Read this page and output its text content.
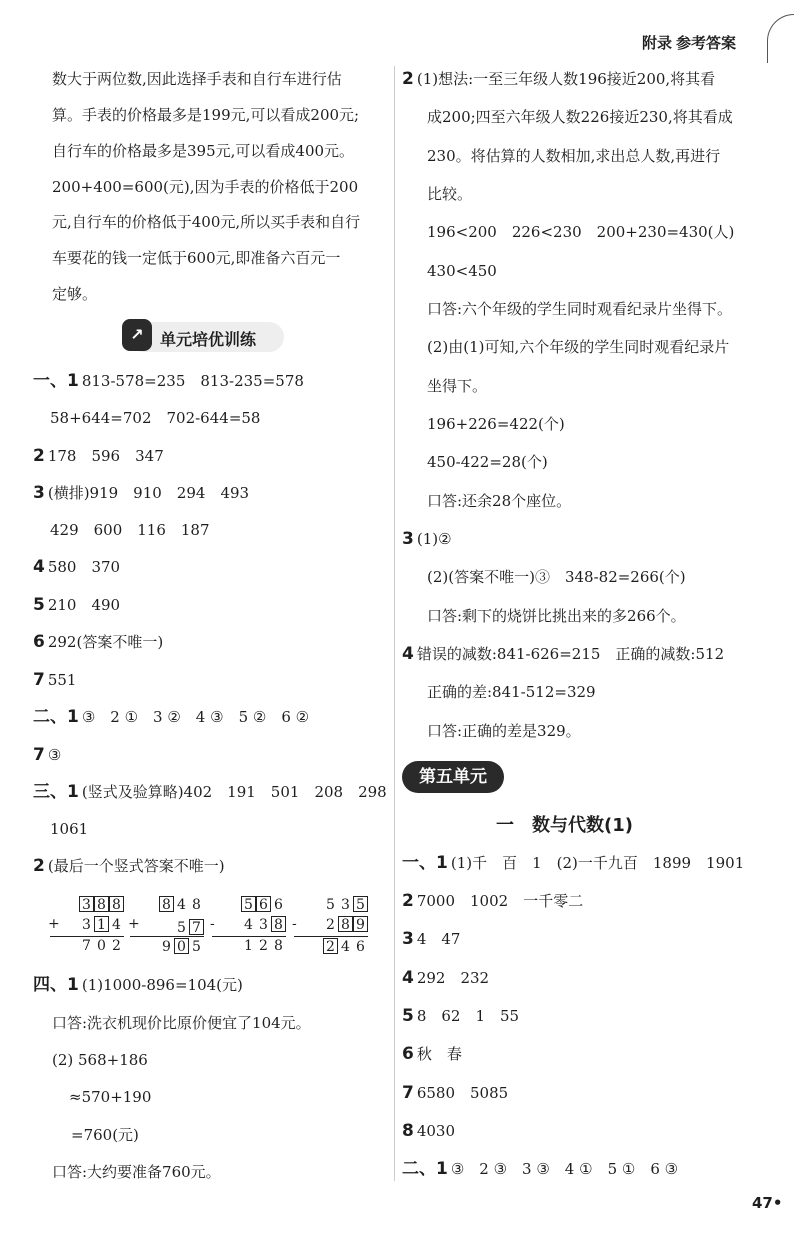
附录 参考答案
数大于两位数,因此选择手表和自行车进行估
算。手表的价格最多是199元,可以看成200元;
自行车的价格最多是395元,可以看成400元。
200+400=600(元),因为手表的价格低于200
元,自行车的价格低于400元,所以买手表和自行
车要花的钱一定低于600元,即准备六百元一
定够。
↗	单元培优训练
一、1 813-578=235　813-235=578
58+644=702　702-644=58
2 178　596　347
3 (横排)919　910　294　493
429　600　116　187
4 580　370
5 210　490
6 292(答案不唯一)
7 551
二、1 ③　2 ①　3 ②　4 ③　5 ②　6 ②
7 ③
三、1 (竖式及验算略)402　191　501　208　298
1061
2 (最后一个竖式答案不唯一)
3 8 8
+ 3 1 4
7 0 2
8 4 8
+	5 7
9 0 5
5 6 6
- 4 3 8
1 2 8
5 3 5
- 2 8 9
2 4 6
四、1 (1)1000-896=104(元)
口答:洗衣机现价比原价便宜了104元。
(2) 568+186
≈570+190
=760(元)
口答:大约要准备760元。
2 (1)想法:一至三年级人数196接近200,将其看
成200;四至六年级人数226接近230,将其看成
230。将估算的人数相加,求出总人数,再进行
比较。
196<200　226<230　200+230=430(人)
430<450
口答:六个年级的学生同时观看纪录片坐得下。
(2)由(1)可知,六个年级的学生同时观看纪录片
坐得下。
196+226=422(个)
450-422=28(个)
口答:还余28个座位。
3 (1)②
(2)(答案不唯一)③　348-82=266(个)
口答:剩下的烧饼比挑出来的多266个。
4 错误的减数:841-626=215　正确的减数:512
正确的差:841-512=329
口答:正确的差是329。
第五单元
一　数与代数(1)
一、1 (1)千　百　1　(2)一千九百　1899　1901
2 7000　1002　一千零二
3 4　47
4 292　232
5 8　62　1　55
6 秋　春
7 6580　5085
8 4030
二、1 ③　2 ③　3 ③　4 ①　5 ①　6 ③
47•
